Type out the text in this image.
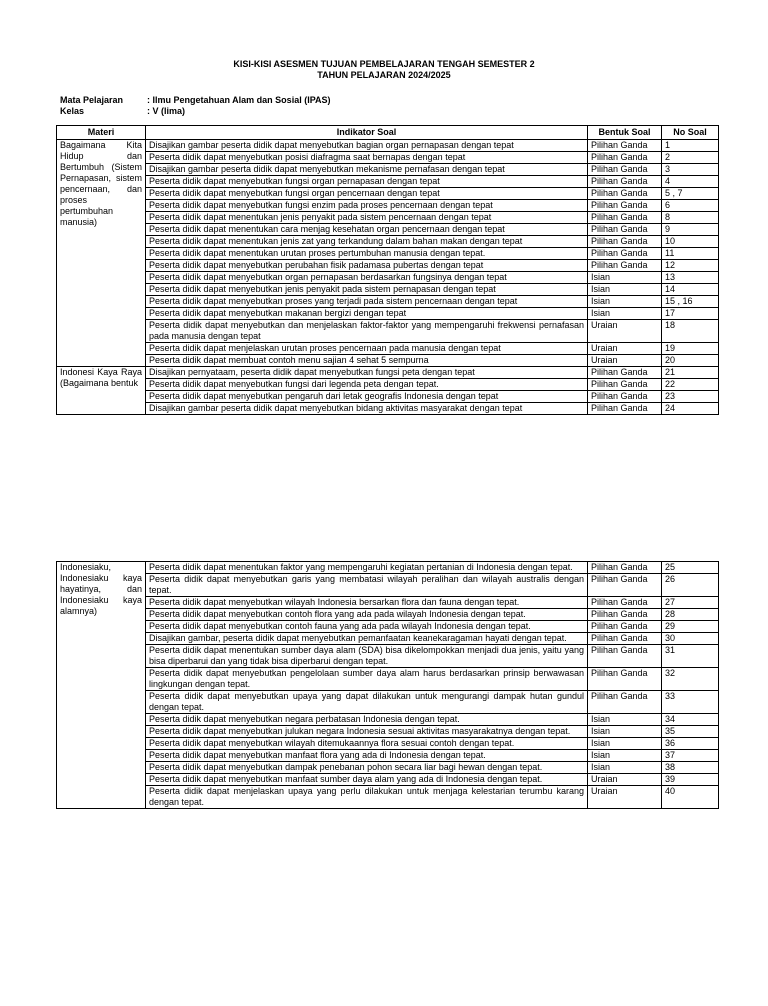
KISI-KISI ASESMEN TUJUAN PEMBELAJARAN TENGAH SEMESTER 2
TAHUN PELAJARAN 2024/2025
Mata Pelajaran	: Ilmu Pengetahuan Alam dan Sosial (IPAS)
Kelas	: V (lima)
Materi	Indikator Soal	Bentuk Soal	No Soal
Bagaimana Kita Hidup dan Bertumbuh (Sistem Pernapasan, sistem pencernaan, dan proses pertumbuhan manusia)	Disajikan gambar peserta didik dapat menyebutkan bagian organ pernapasan dengan tepat	Pilihan Ganda	1
	Peserta didik dapat menyebutkan posisi diafragma saat bernapas dengan tepat	Pilihan Ganda	2
	Disajikan gambar peserta didik dapat menyebutkan mekanisme pernafasan dengan tepat	Pilihan Ganda	3
	Peserta didik dapat menyebutkan fungsi organ pernapasan dengan tepat	Pilihan Ganda	4
	Peserta didik dapat menyebutkan fungsi organ pencernaan dengan tepat	Pilihan Ganda	5 , 7
	Peserta didik dapat menyebutkan fungsi enzim pada proses pencernaan dengan tepat	Pilihan Ganda	6
	Peserta didik dapat menentukan jenis penyakit pada sistem pencernaan dengan tepat	Pilihan Ganda	8
	Peserta didik dapat menentukan cara menjag kesehatan organ pencernaan dengan tepat	Pilihan Ganda	9
	Peserta didik dapat menentukan jenis zat yang terkandung dalam bahan makan dengan tepat	Pilihan Ganda	10
	Peserta didik dapat menentukan urutan proses pertumbuhan manusia dengan tepat.	Pilihan Ganda	11
	Peserta didik dapat menyebutkan perubahan fisik padamasa pubertas dengan tepat	Pilihan Ganda	12
	Peserta didik dapat menyebutkan organ pernapasan berdasarkan fungsinya dengan tepat	Isian	13
	Peserta didik dapat menyebutkan jenis penyakit pada sistem pernapasan dengan tepat	Isian	14
	Peserta didik dapat menyebutkan proses yang terjadi pada sistem pencernaan dengan tepat	Isian	15 , 16
	Peserta didik dapat menyebutkan makanan bergizi dengan tepat	Isian	17
	Peserta didik dapat menyebutkan dan menjelaskan faktor-faktor yang mempengaruhi frekwensi pernafasan pada manusia dengan tepat	Uraian	18
	Peserta didik dapat menjelaskan urutan proses pencernaan pada manusia dengan tepat	Uraian	19
	Peserta didik dapat membuat contoh menu sajian 4 sehat 5 sempurna	Uraian	20
Indonesi Kaya Raya (Bagaimana bentuk	Disajikan pernyataam, peserta didik dapat menyebutkan fungsi peta dengan tepat	Pilihan Ganda	21
	Peserta didik dapat menyebutkan fungsi dari legenda peta dengan tepat.	Pilihan Ganda	22
	Peserta didik dapat menyebutkan pengaruh dari letak geografis Indonesia dengan tepat	Pilihan Ganda	23
	Disajikan gambar peserta didik dapat menyebutkan bidang aktivitas masyarakat dengan tepat	Pilihan Ganda	24
Indonesiaku, Indonesiaku kaya hayatinya, dan Indonesiaku kaya alamnya)	Peserta didik dapat menentukan faktor yang mempengaruhi kegiatan pertanian di Indonesia dengan tepat.	Pilihan Ganda	25
	Peserta didik dapat menyebutkan garis yang membatasi wilayah peralihan dan wilayah australis dengan tepat.	Pilihan Ganda	26
	Peserta didik dapat menyebutkan wilayah Indonesia bersarkan flora dan fauna dengan tepat.	Pilihan Ganda	27
	Peserta didik dapat menyebutkan contoh flora yang ada pada wilayah Indonesia dengan tepat.	Pilihan Ganda	28
	Peserta didik dapat menyebutkan contoh fauna yang ada pada wilayah Indonesia dengan tepat.	Pilihan Ganda	29
	Disajikan gambar, peserta didik dapat menyebutkan pemanfaatan keanekaragaman hayati dengan tepat.	Pilihan Ganda	30
	Peserta didik dapat menentukan sumber daya alam (SDA) bisa dikelompokkan menjadi dua jenis, yaitu yang bisa diperbarui dan yang tidak bisa diperbarui dengan tepat.	Pilihan Ganda	31
	Peserta didik dapat menyebutkan pengelolaan sumber daya alam harus berdasarkan prinsip berwawasan lingkungan dengan tepat.	Pilihan Ganda	32
	Peserta didik dapat menyebutkan upaya yang dapat dilakukan untuk mengurangi dampak hutan gundul dengan tepat.	Pilihan Ganda	33
	Peserta didik dapat menyebutkan negara perbatasan Indonesia dengan tepat.	Isian	34
	Peserta didik dapat menyebutkan julukan negara Indonesia sesuai aktivitas masyarakatnya dengan tepat.	Isian	35
	Peserta didik dapat menyebutkan wilayah ditemukaannya flora sesuai contoh dengan tepat.	Isian	36
	Peserta didik dapat menyebutkan manfaat flora yang ada di Indonesia dengan tepat.	Isian	37
	Peserta didik dapat menyebutkan dampak penebanan pohon secara liar bagi hewan dengan tepat.	Isian	38
	Peserta didik dapat menyebutkan manfaat sumber daya alam yang ada di Indonesia dengan tepat.	Uraian	39
	Peserta didik dapat menjelaskan upaya yang perlu dilakukan untuk menjaga kelestarian terumbu karang dengan tepat.	Uraian	40
